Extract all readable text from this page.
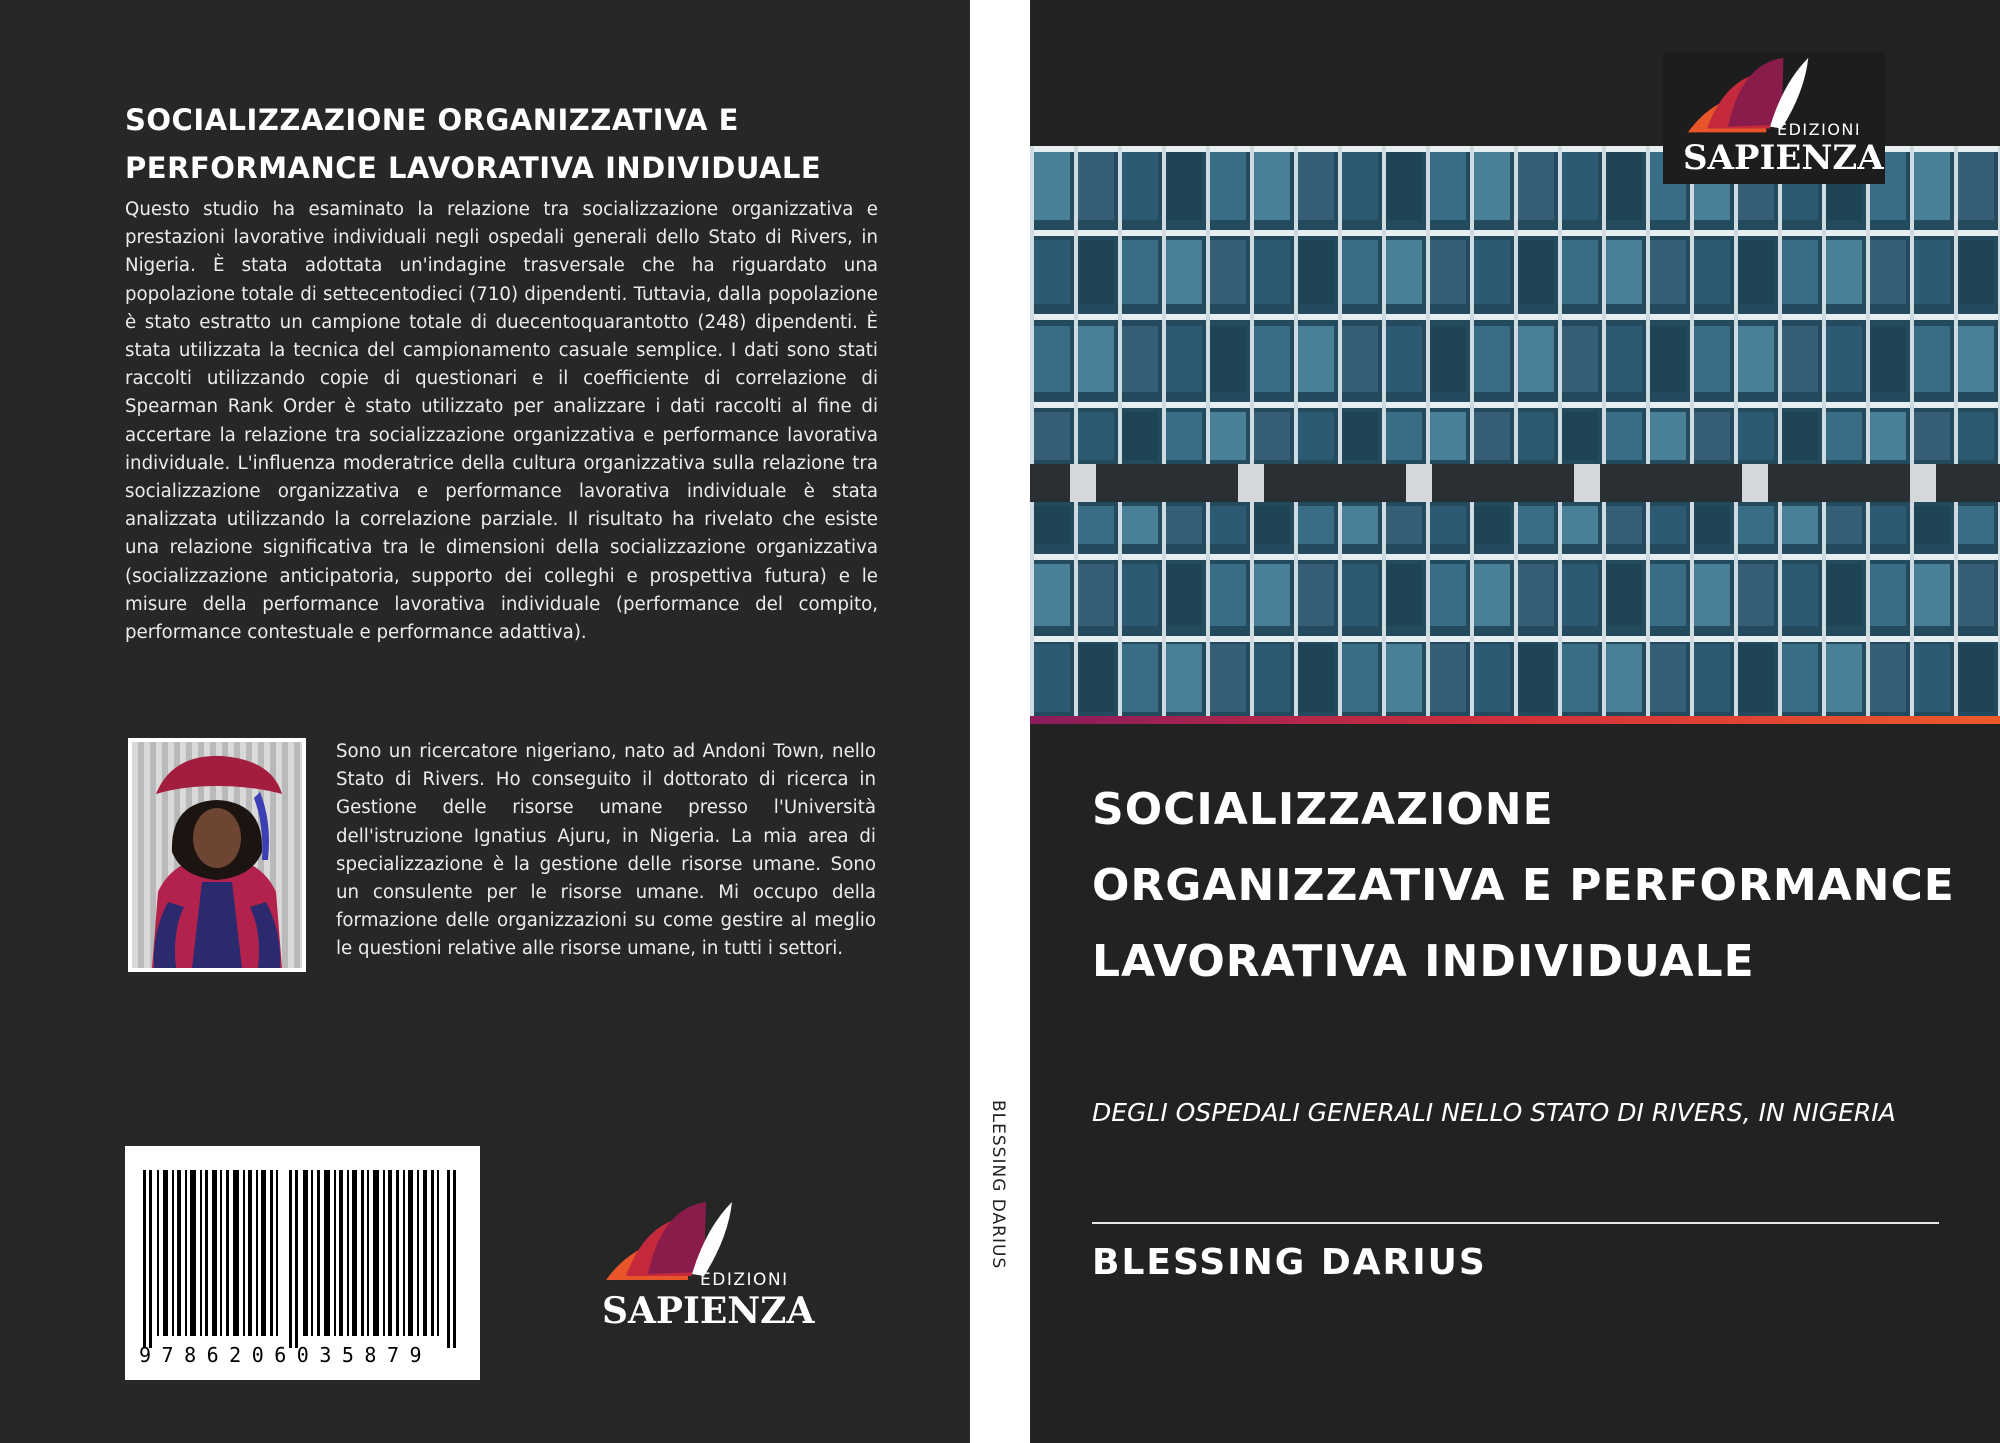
SOCIALIZZAZIONE ORGANIZZATIVA E PERFORMANCE LAVORATIVA INDIVIDUALE

Questo studio ha esaminato la relazione tra socializzazione organizzativa e prestazioni lavorative individuali negli ospedali generali dello Stato di Rivers, in Nigeria. È stata adottata un'indagine trasversale che ha riguardato una popolazione totale di settecentodieci (710) dipendenti. Tuttavia, dalla popolazione è stato estratto un campione totale di duecentoquarantotto (248) dipendenti. È stata utilizzata la tecnica del campionamento casuale semplice. I dati sono stati raccolti utilizzando copie di questionari e il coefficiente di correlazione di Spearman Rank Order è stato utilizzato per analizzare i dati raccolti al fine di accertare la relazione tra socializzazione organizzativa e performance lavorativa individuale. L'influenza moderatrice della cultura organizzativa sulla relazione tra socializzazione organizzativa e performance lavorativa individuale è stata analizzata utilizzando la correlazione parziale. Il risultato ha rivelato che esiste una relazione significativa tra le dimensioni della socializzazione organizzativa (socializzazione anticipatoria, supporto dei colleghi e prospettiva futura) e le misure della performance lavorativa individuale (performance del compito, performance contestuale e performance adattiva).

Sono un ricercatore nigeriano, nato ad Andoni Town, nello Stato di Rivers. Ho conseguito il dottorato di ricerca in Gestione delle risorse umane presso l'Università dell'istruzione Ignatius Ajuru, in Nigeria. La mia area di specializzazione è la gestione delle risorse umane. Sono un consulente per le risorse umane. Mi occupo della formazione delle organizzazioni su come gestire al meglio le questioni relative alle risorse umane, in tutti i settori.

9786206035879
EDIZIONI
SAPIENZA
BLESSING DARIUS
EDIZIONI
SAPIENZA
SOCIALIZZAZIONE ORGANIZZATIVA E PERFORMANCE LAVORATIVA INDIVIDUALE

DEGLI OSPEDALI GENERALI NELLO STATO DI RIVERS, IN NIGERIA

BLESSING DARIUS
